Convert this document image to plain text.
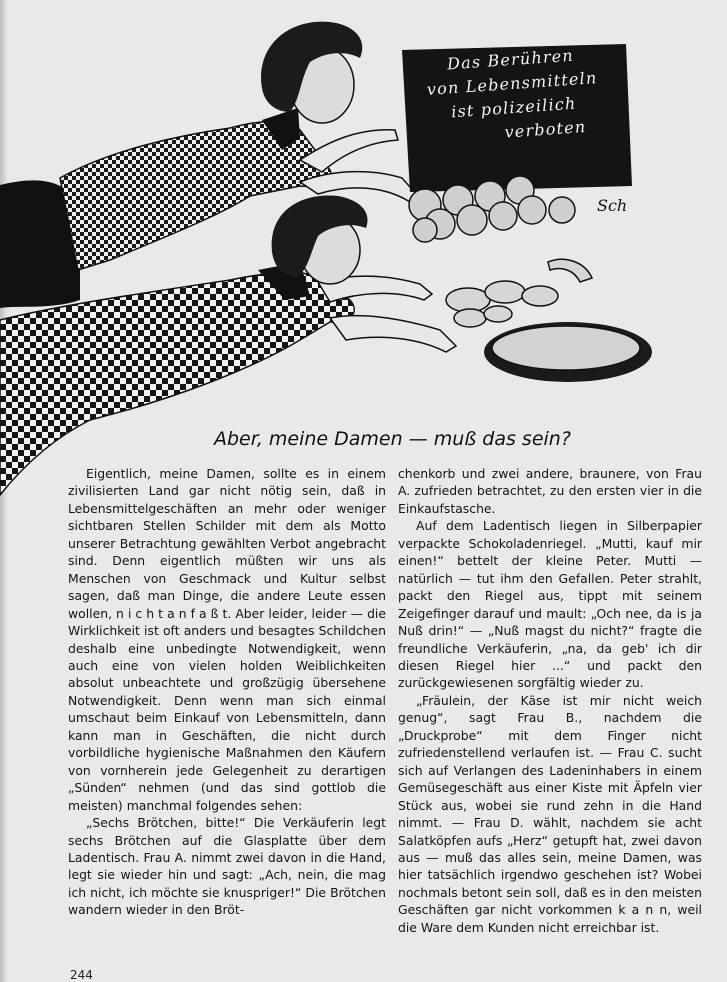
Das Berühren
von Lebensmitteln
ist polizeilich
verboten
Sch
Aber, meine Damen — muß das sein?

Eigentlich, meine Damen, sollte es in einem zivilisierten Land gar nicht nötig sein, daß in Lebensmittelgeschäften an mehr oder weniger sichtbaren Stellen Schilder mit dem als Motto unserer Betrachtung gewählten Verbot angebracht sind. Denn eigentlich müßten wir uns als Menschen von Geschmack und Kultur selbst sagen, daß man Dinge, die andere Leute essen wollen, n i c h t a n f a ß t. Aber leider, leider — die Wirklichkeit ist oft anders und besagtes Schildchen deshalb eine unbedingte Notwendigkeit, wenn auch eine von vielen holden Weiblichkeiten absolut unbeachtete und großzügig übersehene Notwendigkeit. Denn wenn man sich einmal umschaut beim Einkauf von Lebensmitteln, dann kann man in Geschäften, die nicht durch vorbildliche hygienische Maßnahmen den Käufern von vornherein jede Gelegenheit zu derartigen „Sünden“ nehmen (und das sind gottlob die meisten) manchmal folgendes sehen:

„Sechs Brötchen, bitte!“ Die Verkäuferin legt sechs Brötchen auf die Glasplatte über dem Ladentisch. Frau A. nimmt zwei davon in die Hand, legt sie wieder hin und sagt: „Ach, nein, die mag ich nicht, ich möchte sie knuspriger!“ Die Brötchen wandern wieder in den Bröt-

chenkorb und zwei andere, braunere, von Frau A. zufrieden betrachtet, zu den ersten vier in die Einkaufstasche.

Auf dem Ladentisch liegen in Silberpapier verpackte Schokoladenriegel. „Mutti, kauf mir einen!“ bettelt der kleine Peter. Mutti — natürlich — tut ihm den Gefallen. Peter strahlt, packt den Riegel aus, tippt mit seinem Zeigefinger darauf und mault: „Och nee, da is ja Nuß drin!“ — „Nuß magst du nicht?“ fragte die freundliche Verkäuferin, „na, da geb' ich dir diesen Riegel hier ...“ und packt den zurückgewiesenen sorgfältig wieder zu.

„Fräulein, der Käse ist mir nicht weich genug“, sagt Frau B., nachdem die „Druckprobe“ mit dem Finger nicht zufriedenstellend verlaufen ist. — Frau C. sucht sich auf Verlangen des Ladeninhabers in einem Gemüsegeschäft aus einer Kiste mit Äpfeln vier Stück aus, wobei sie rund zehn in die Hand nimmt. — Frau D. wählt, nachdem sie acht Salatköpfen aufs „Herz“ getupft hat, zwei davon aus — muß das alles sein, meine Damen, was hier tatsächlich irgendwo geschehen ist? Wobei nochmals betont sein soll, daß es in den meisten Geschäften gar nicht vorkommen k a n n, weil die Ware dem Kunden nicht erreichbar ist.

244
